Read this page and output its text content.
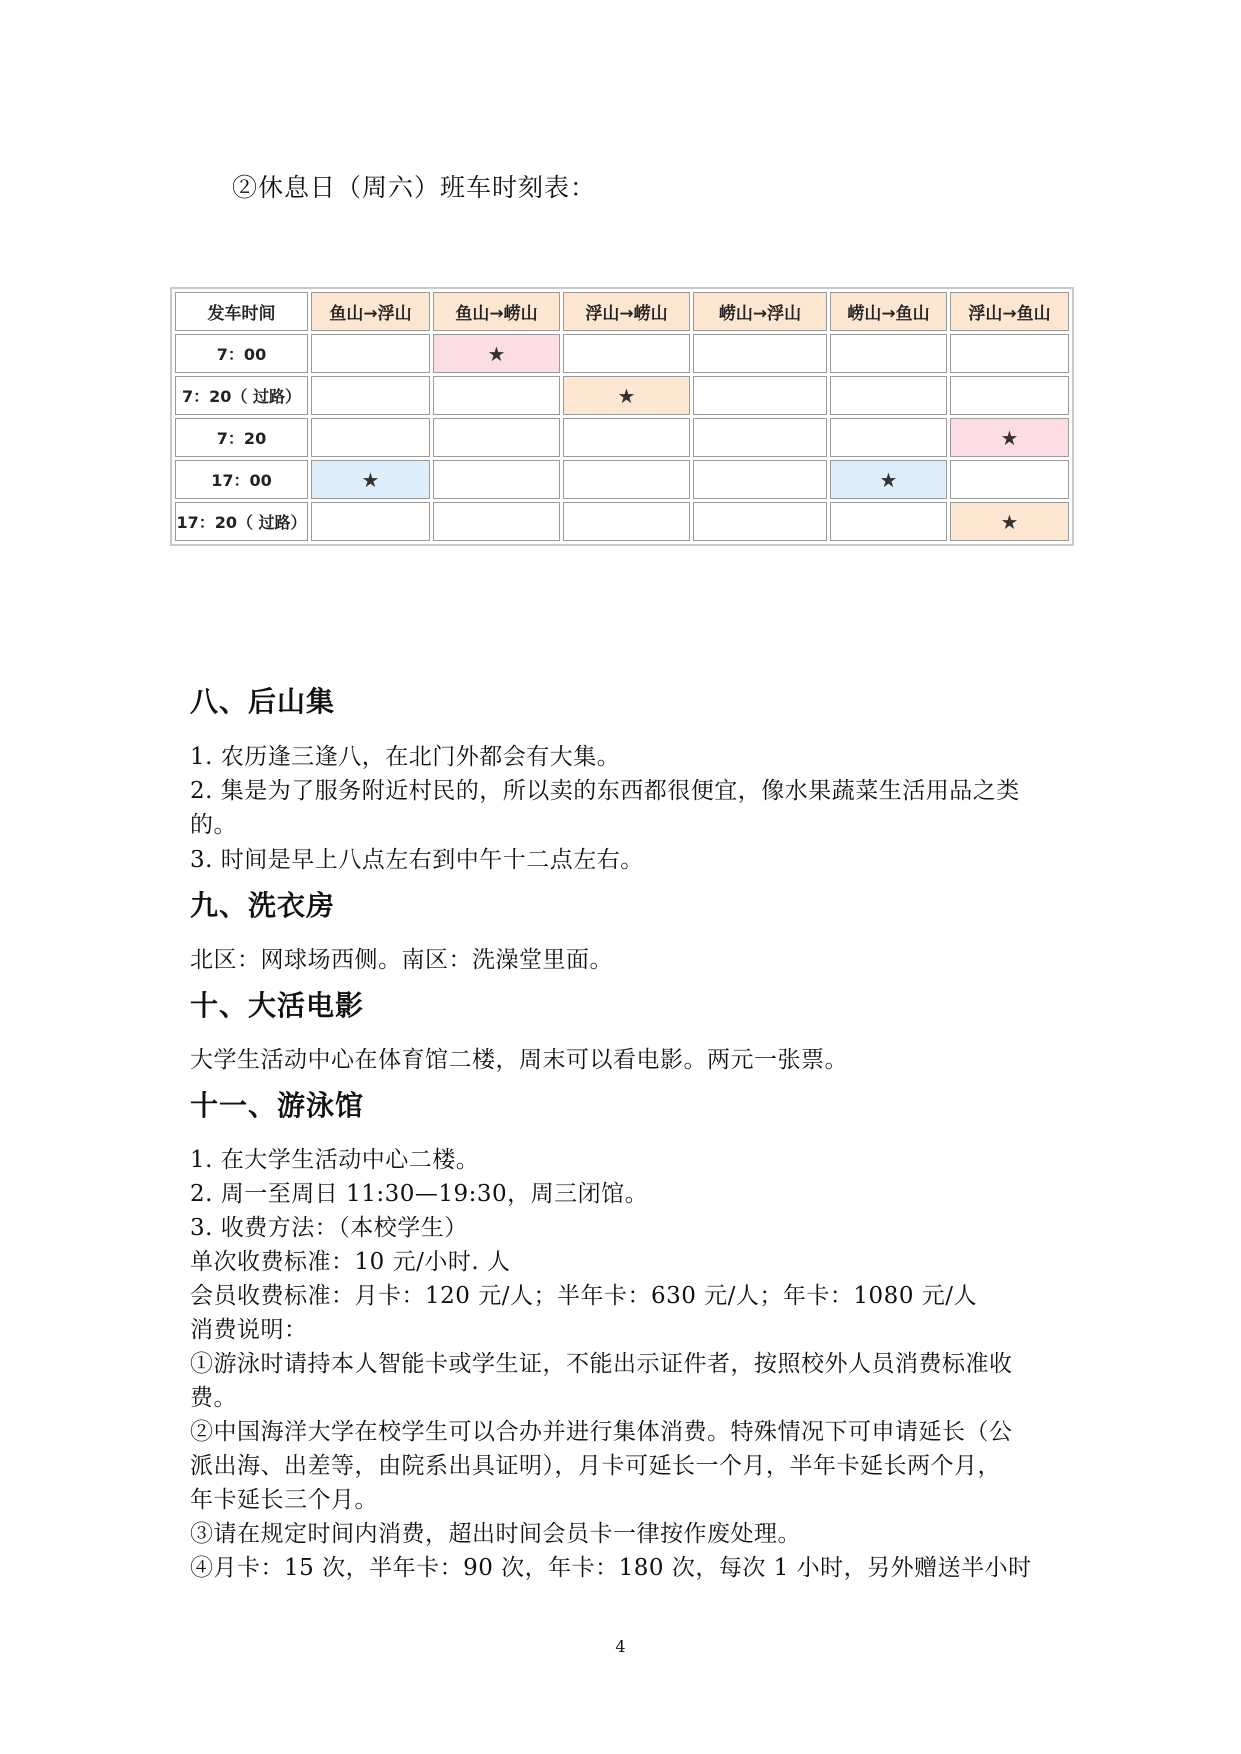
②休息日（周六）班车时刻表：
发车时间	鱼山→浮山	鱼山→崂山	浮山→崂山	崂山→浮山	崂山→鱼山	浮山→鱼山
7：00		★				
7：20（ 过路）			★			
7：20						★
17：00	★				★	
17：20（ 过路）						★
八、后山集
1. 农历逢三逢八，在北门外都会有大集。
2. 集是为了服务附近村民的，所以卖的东西都很便宜，像水果蔬菜生活用品之类
的。
3. 时间是早上八点左右到中午十二点左右。
九、洗衣房
北区：网球场西侧。南区：洗澡堂里面。
十、大活电影
大学生活动中心在体育馆二楼，周末可以看电影。两元一张票。
十一、游泳馆
1. 在大学生活动中心二楼。
2. 周一至周日 11:30—19:30，周三闭馆。
3. 收费方法：（本校学生）
单次收费标准：10 元/小时. 人
会员收费标准：月卡：120 元/人；半年卡：630 元/人；年卡：1080 元/人
消费说明：
①游泳时请持本人智能卡或学生证，不能出示证件者，按照校外人员消费标准收
费。
②中国海洋大学在校学生可以合办并进行集体消费。特殊情况下可申请延长（公
派出海、出差等，由院系出具证明），月卡可延长一个月，半年卡延长两个月，
年卡延长三个月。
③请在规定时间内消费，超出时间会员卡一律按作废处理。
④月卡：15 次，半年卡：90 次，年卡：180 次，每次 1 小时，另外赠送半小时
4
